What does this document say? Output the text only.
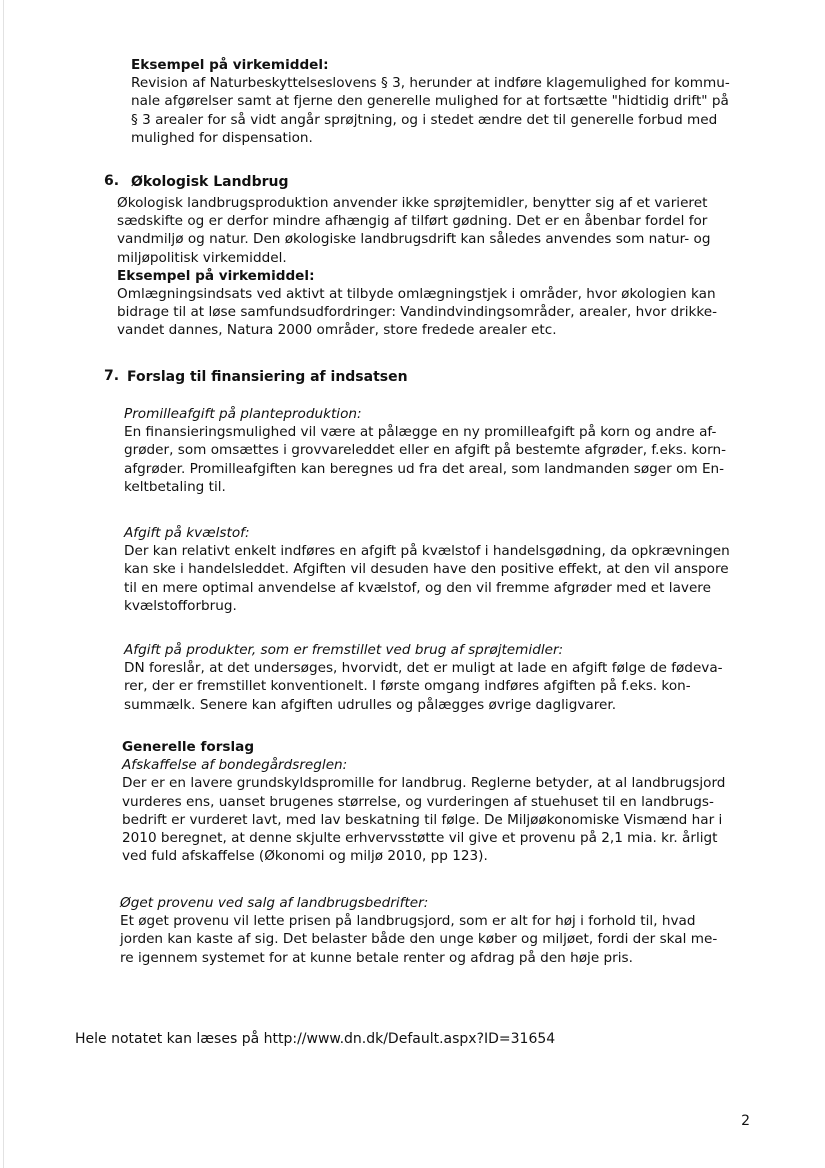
Eksempel på virkemiddel:
Revision af Naturbeskyttelseslovens § 3, herunder at indføre klagemulighed for kommu-
nale afgørelser samt at fjerne den generelle mulighed for at fortsætte "hidtidig drift" på
§ 3 arealer for så vidt angår sprøjtning, og i stedet ændre det til generelle forbud med
mulighed for dispensation.
6. Økologisk Landbrug
Økologisk landbrugsproduktion anvender ikke sprøjtemidler, benytter sig af et varieret
sædskifte og er derfor mindre afhængig af tilført gødning. Det er en åbenbar fordel for
vandmiljø og natur. Den økologiske landbrugsdrift kan således anvendes som natur- og
miljøpolitisk virkemiddel.
Eksempel på virkemiddel:
Omlægningsindsats ved aktivt at tilbyde omlægningstjek i områder, hvor økologien kan
bidrage til at løse samfundsudfordringer: Vandindvindingsområder, arealer, hvor drikke-
vandet dannes, Natura 2000 områder, store fredede arealer etc.
7. Forslag til finansiering af indsatsen
Promilleafgift på planteproduktion:
En finansieringsmulighed vil være at pålægge en ny promilleafgift på korn og andre af-
grøder, som omsættes i grovvareleddet eller en afgift på bestemte afgrøder, f.eks. korn-
afgrøder. Promilleafgiften kan beregnes ud fra det areal, som landmanden søger om En-
keltbetaling til.
Afgift på kvælstof:
Der kan relativt enkelt indføres en afgift på kvælstof i handelsgødning, da opkrævningen
kan ske i handelsleddet. Afgiften vil desuden have den positive effekt, at den vil anspore
til en mere optimal anvendelse af kvælstof, og den vil fremme afgrøder med et lavere
kvælstofforbrug.
Afgift på produkter, som er fremstillet ved brug af sprøjtemidler:
DN foreslår, at det undersøges, hvorvidt, det er muligt at lade en afgift følge de fødeva-
rer, der er fremstillet konventionelt. I første omgang indføres afgiften på f.eks. kon-
summælk. Senere kan afgiften udrulles og pålægges øvrige dagligvarer.
Generelle forslag
Afskaffelse af bondegårdsreglen:
Der er en lavere grundskyldspromille for landbrug. Reglerne betyder, at al landbrugsjord
vurderes ens, uanset brugenes størrelse, og vurderingen af stuehuset til en landbrugs-
bedrift er vurderet lavt, med lav beskatning til følge. De Miljøøkonomiske Vismænd har i
2010 beregnet, at denne skjulte erhvervsstøtte vil give et provenu på 2,1 mia. kr. årligt
ved fuld afskaffelse (Økonomi og miljø 2010, pp 123).
Øget provenu ved salg af landbrugsbedrifter:
Et øget provenu vil lette prisen på landbrugsjord, som er alt for høj i forhold til, hvad
jorden kan kaste af sig. Det belaster både den unge køber og miljøet, fordi der skal me-
re igennem systemet for at kunne betale renter og afdrag på den høje pris.
Hele notatet kan læses på http://www.dn.dk/Default.aspx?ID=31654
2
